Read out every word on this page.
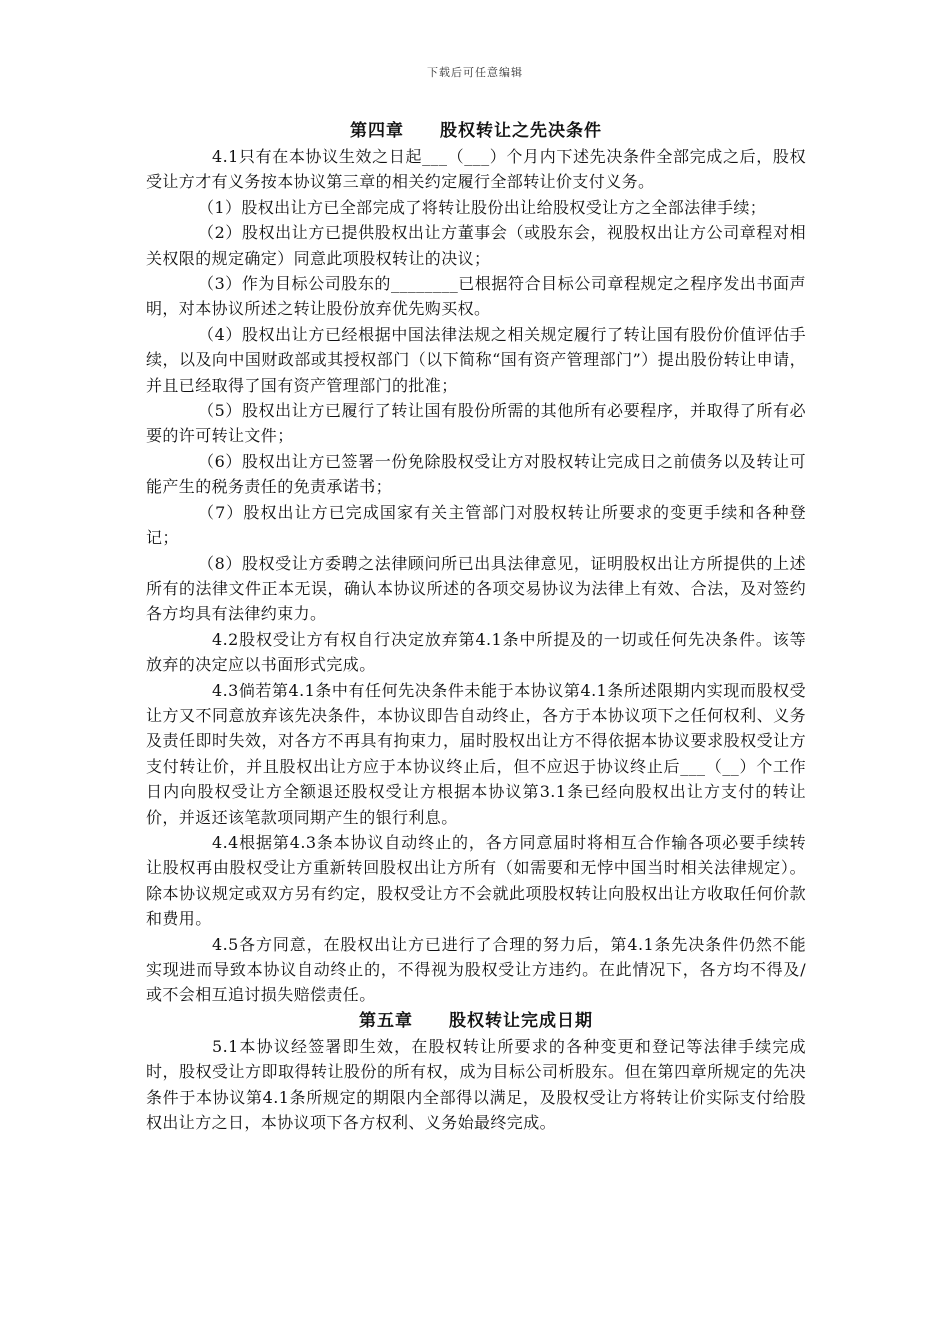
下载后可任意编辑
第四章 股权转让之先决条件

4.1只有在本协议生效之日起___（___）个月内下述先决条件全部完成之后，股权受让方才有义务按本协议第三章的相关约定履行全部转让价支付义务。

（1）股权出让方已全部完成了将转让股份出让给股权受让方之全部法律手续；

（2）股权出让方已提供股权出让方董事会（或股东会，视股权出让方公司章程对相关权限的规定确定）同意此项股权转让的决议；

（3）作为目标公司股东的________已根据符合目标公司章程规定之程序发出书面声明，对本协议所述之转让股份放弃优先购买权。

（4）股权出让方已经根据中国法律法规之相关规定履行了转让国有股份价值评估手续，以及向中国财政部或其授权部门（以下简称“国有资产管理部门”）提出股份转让申请，并且已经取得了国有资产管理部门的批准；

（5）股权出让方已履行了转让国有股份所需的其他所有必要程序，并取得了所有必要的许可转让文件；

（6）股权出让方已签署一份免除股权受让方对股权转让完成日之前债务以及转让可能产生的税务责任的免责承诺书；

（7）股权出让方已完成国家有关主管部门对股权转让所要求的变更手续和各种登记；

（8）股权受让方委聘之法律顾问所已出具法律意见，证明股权出让方所提供的上述所有的法律文件正本无误，确认本协议所述的各项交易协议为法律上有效、合法，及对签约各方均具有法律约束力。

4.2股权受让方有权自行决定放弃第4.1条中所提及的一切或任何先决条件。该等放弃的决定应以书面形式完成。

4.3倘若第4.1条中有任何先决条件未能于本协议第4.1条所述限期内实现而股权受让方又不同意放弃该先决条件，本协议即告自动终止，各方于本协议项下之任何权利、义务及责任即时失效，对各方不再具有拘束力，届时股权出让方不得依据本协议要求股权受让方支付转让价，并且股权出让方应于本协议终止后，但不应迟于协议终止后___（__）个工作日内向股权受让方全额退还股权受让方根据本协议第3.1条已经向股权出让方支付的转让价，并返还该笔款项同期产生的银行利息。

4.4根据第4.3条本协议自动终止的，各方同意届时将相互合作输各项必要手续转让股权再由股权受让方重新转回股权出让方所有（如需要和无悖中国当时相关法律规定）。除本协议规定或双方另有约定，股权受让方不会就此项股权转让向股权出让方收取任何价款和费用。

4.5各方同意，在股权出让方已进行了合理的努力后，第4.1条先决条件仍然不能实现进而导致本协议自动终止的，不得视为股权受让方违约。在此情况下，各方均不得及/或不会相互追讨损失赔偿责任。

第五章 股权转让完成日期

5.1本协议经签署即生效，在股权转让所要求的各种变更和登记等法律手续完成时，股权受让方即取得转让股份的所有权，成为目标公司析股东。但在第四章所规定的先决条件于本协议第4.1条所规定的期限内全部得以满足，及股权受让方将转让价实际支付给股权出让方之日，本协议项下各方权利、义务始最终完成。
